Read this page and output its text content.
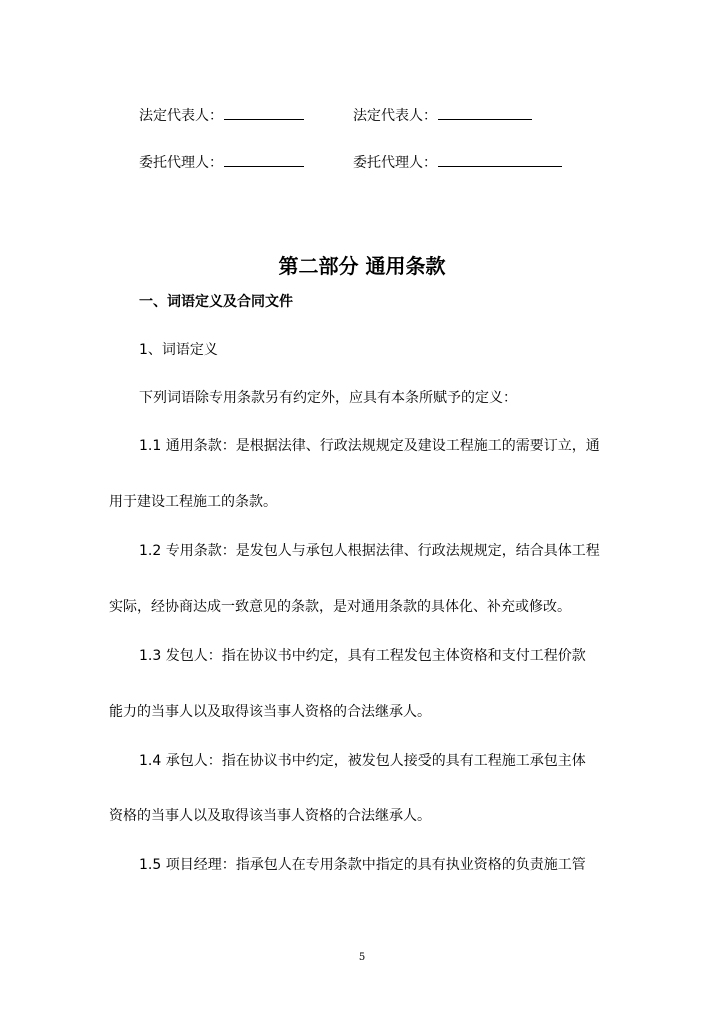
法定代表人：	法定代表人：
委托代理人：	委托代理人：
第二部分 通用条款
一、词语定义及合同文件
1、词语定义
下列词语除专用条款另有约定外，应具有本条所赋予的定义：
1.1 通用条款：是根据法律、行政法规规定及建设工程施工的需要订立，通
用于建设工程施工的条款。
1.2 专用条款：是发包人与承包人根据法律、行政法规规定，结合具体工程
实际，经协商达成一致意见的条款，是对通用条款的具体化、补充或修改。
1.3 发包人：指在协议书中约定，具有工程发包主体资格和支付工程价款
能力的当事人以及取得该当事人资格的合法继承人。
1.4 承包人：指在协议书中约定，被发包人接受的具有工程施工承包主体
资格的当事人以及取得该当事人资格的合法继承人。
1.5 项目经理：指承包人在专用条款中指定的具有执业资格的负责施工管
5
